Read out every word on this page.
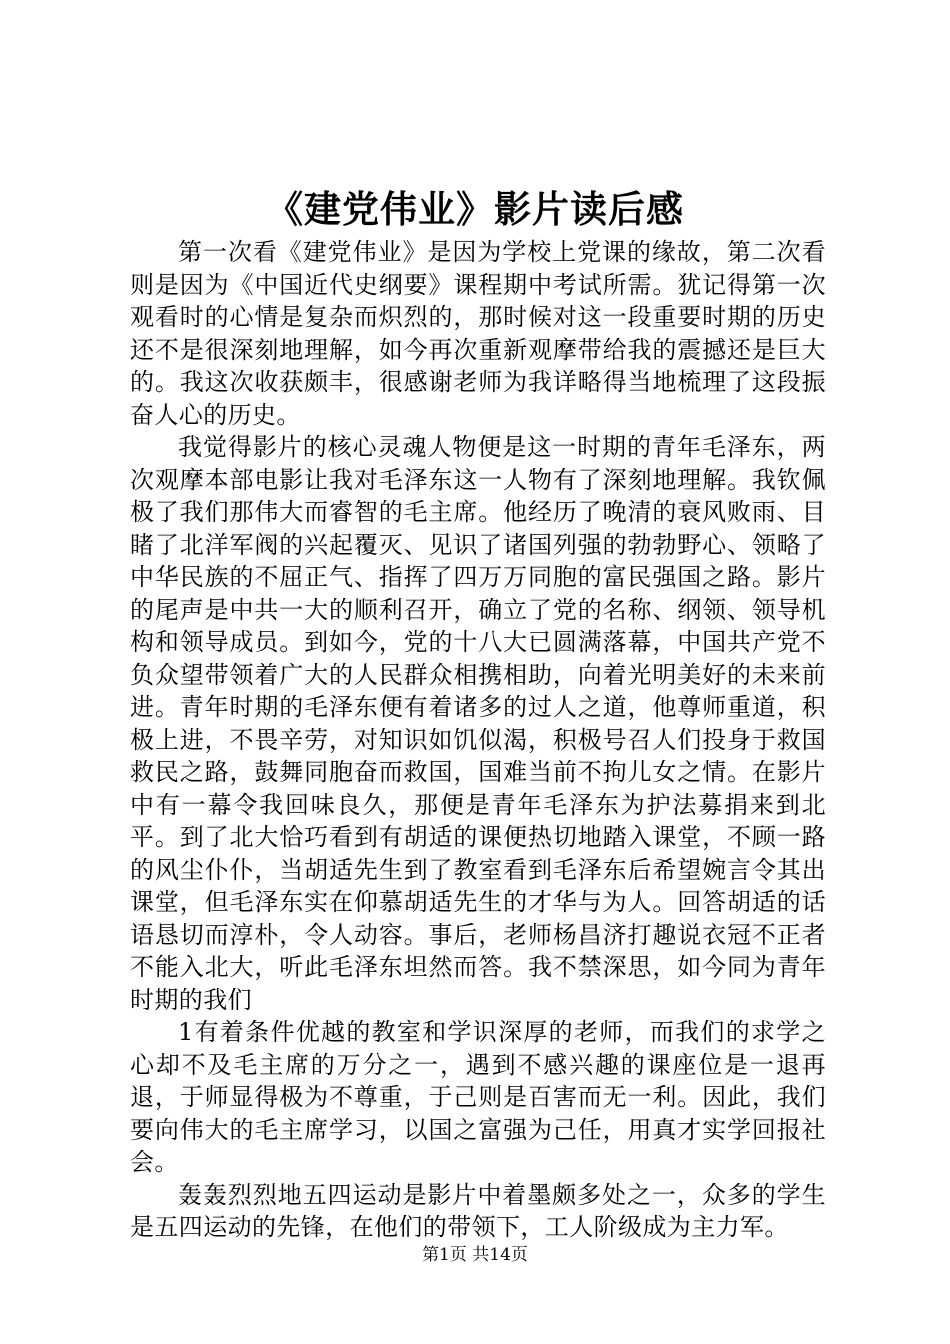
《建党伟业》影片读后感

第一次看《建党伟业》是因为学校上党课的缘故，第二次看则是因为《中国近代史纲要》课程期中考试所需。犹记得第一次观看时的心情是复杂而炽烈的，那时候对这一段重要时期的历史还不是很深刻地理解，如今再次重新观摩带给我的震撼还是巨大的。我这次收获颇丰，很感谢老师为我详略得当地梳理了这段振奋人心的历史。

我觉得影片的核心灵魂人物便是这一时期的青年毛泽东，两次观摩本部电影让我对毛泽东这一人物有了深刻地理解。我钦佩极了我们那伟大而睿智的毛主席。他经历了晚清的衰风败雨、目睹了北洋军阀的兴起覆灭、见识了诸国列强的勃勃野心、领略了中华民族的不屈正气、指挥了四万万同胞的富民强国之路。影片的尾声是中共一大的顺利召开，确立了党的名称、纲领、领导机构和领导成员。到如今，党的十八大已圆满落幕，中国共产党不负众望带领着广大的人民群众相携相助，向着光明美好的未来前进。青年时期的毛泽东便有着诸多的过人之道，他尊师重道，积极上进，不畏辛劳，对知识如饥似渴，积极号召人们投身于救国救民之路，鼓舞同胞奋而救国，国难当前不拘儿女之情。在影片中有一幕令我回味良久，那便是青年毛泽东为护法募捐来到北平。到了北大恰巧看到有胡适的课便热切地踏入课堂，不顾一路的风尘仆仆，当胡适先生到了教室看到毛泽东后希望婉言令其出课堂，但毛泽东实在仰慕胡适先生的才华与为人。回答胡适的话语恳切而淳朴，令人动容。事后，老师杨昌济打趣说衣冠不正者不能入北大，听此毛泽东坦然而答。我不禁深思，如今同为青年时期的我们

1有着条件优越的教室和学识深厚的老师，而我们的求学之心却不及毛主席的万分之一，遇到不感兴趣的课座位是一退再退，于师显得极为不尊重，于己则是百害而无一利。因此，我们要向伟大的毛主席学习，以国之富强为己任，用真才实学回报社会。

轰轰烈烈地五四运动是影片中着墨颇多处之一，众多的学生是五四运动的先锋，在他们的带领下，工人阶级成为主力军。

第1页 共14页
